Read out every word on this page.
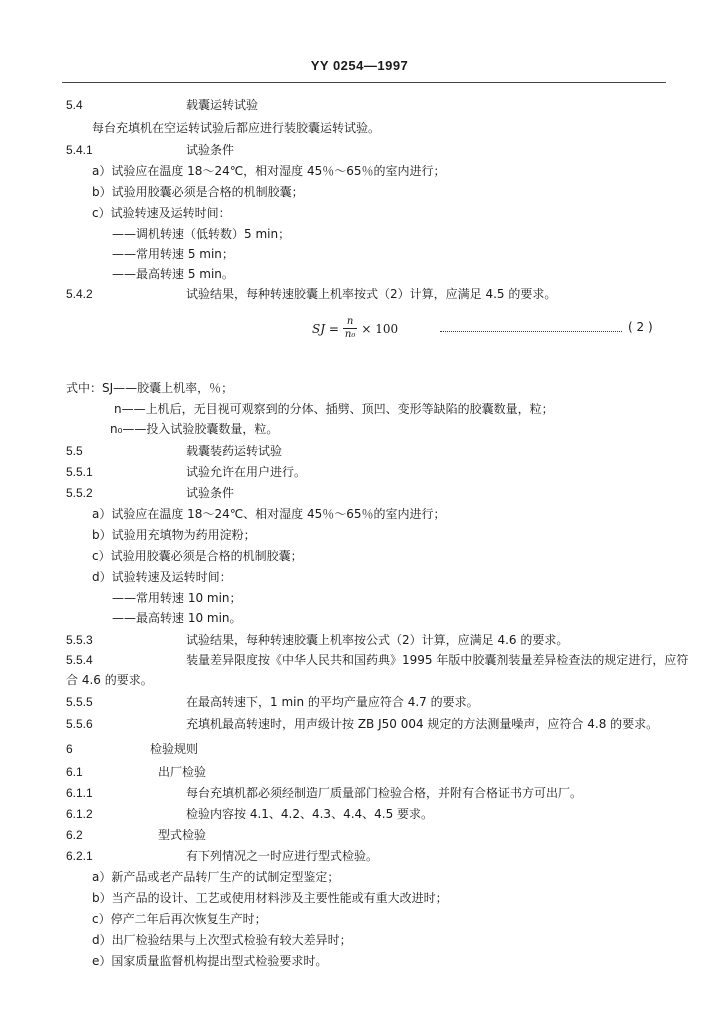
YY 0254—1997
SJ = $\frac{n}{\text{n₀}} \times 100$	( 2 )
5.4	载囊运转试验
每台充填机在空运转试验后都应进行装胶囊运转试验。
5.4.1	试验条件
a）试验应在温度 18～24℃，相对湿度 45％～65％的室内进行；
b）试验用胶囊必须是合格的机制胶囊；
c）试验转速及运转时间：
——调机转速（低转数）5 min；
——常用转速 5 min；
——最高转速 5 min。
5.4.2	试验结果，每种转速胶囊上机率按式（2）计算，应满足 4.5 的要求。
式中：SJ——胶囊上机率，％；
n——上机后，无目视可观察到的分体、插劈、顶凹、变形等缺陷的胶囊数量，粒；
n₀——投入试验胶囊数量，粒。
5.5	载囊装药运转试验
5.5.1	试验允许在用户进行。
5.5.2	试验条件
a）试验应在温度 18～24℃、相对湿度 45％～65％的室内进行；
b）试验用充填物为药用淀粉；
c）试验用胶囊必须是合格的机制胶囊；
d）试验转速及运转时间：
——常用转速 10 min；
——最高转速 10 min。
5.5.3	试验结果，每种转速胶囊上机率按公式（2）计算，应满足 4.6 的要求。
5.5.4	装量差异限度按《中华人民共和国药典》1995 年版中胶囊剂装量差异检查法的规定进行，应符
合 4.6 的要求。
5.5.5	在最高转速下，1 min 的平均产量应符合 4.7 的要求。
5.5.6	充填机最高转速时，用声级计按 ZB J50 004 规定的方法测量噪声，应符合 4.8 的要求。
6	检验规则
6.1	出厂检验
6.1.1	每台充填机都必须经制造厂质量部门检验合格，并附有合格证书方可出厂。
6.1.2	检验内容按 4.1、4.2、4.3、4.4、4.5 要求。
6.2	型式检验
6.2.1	有下列情况之一时应进行型式检验。
a）新产品或老产品转厂生产的试制定型鉴定；
b）当产品的设计、工艺或使用材料涉及主要性能或有重大改进时；
c）停产二年后再次恢复生产时；
d）出厂检验结果与上次型式检验有较大差异时；
e）国家质量监督机构提出型式检验要求时。
